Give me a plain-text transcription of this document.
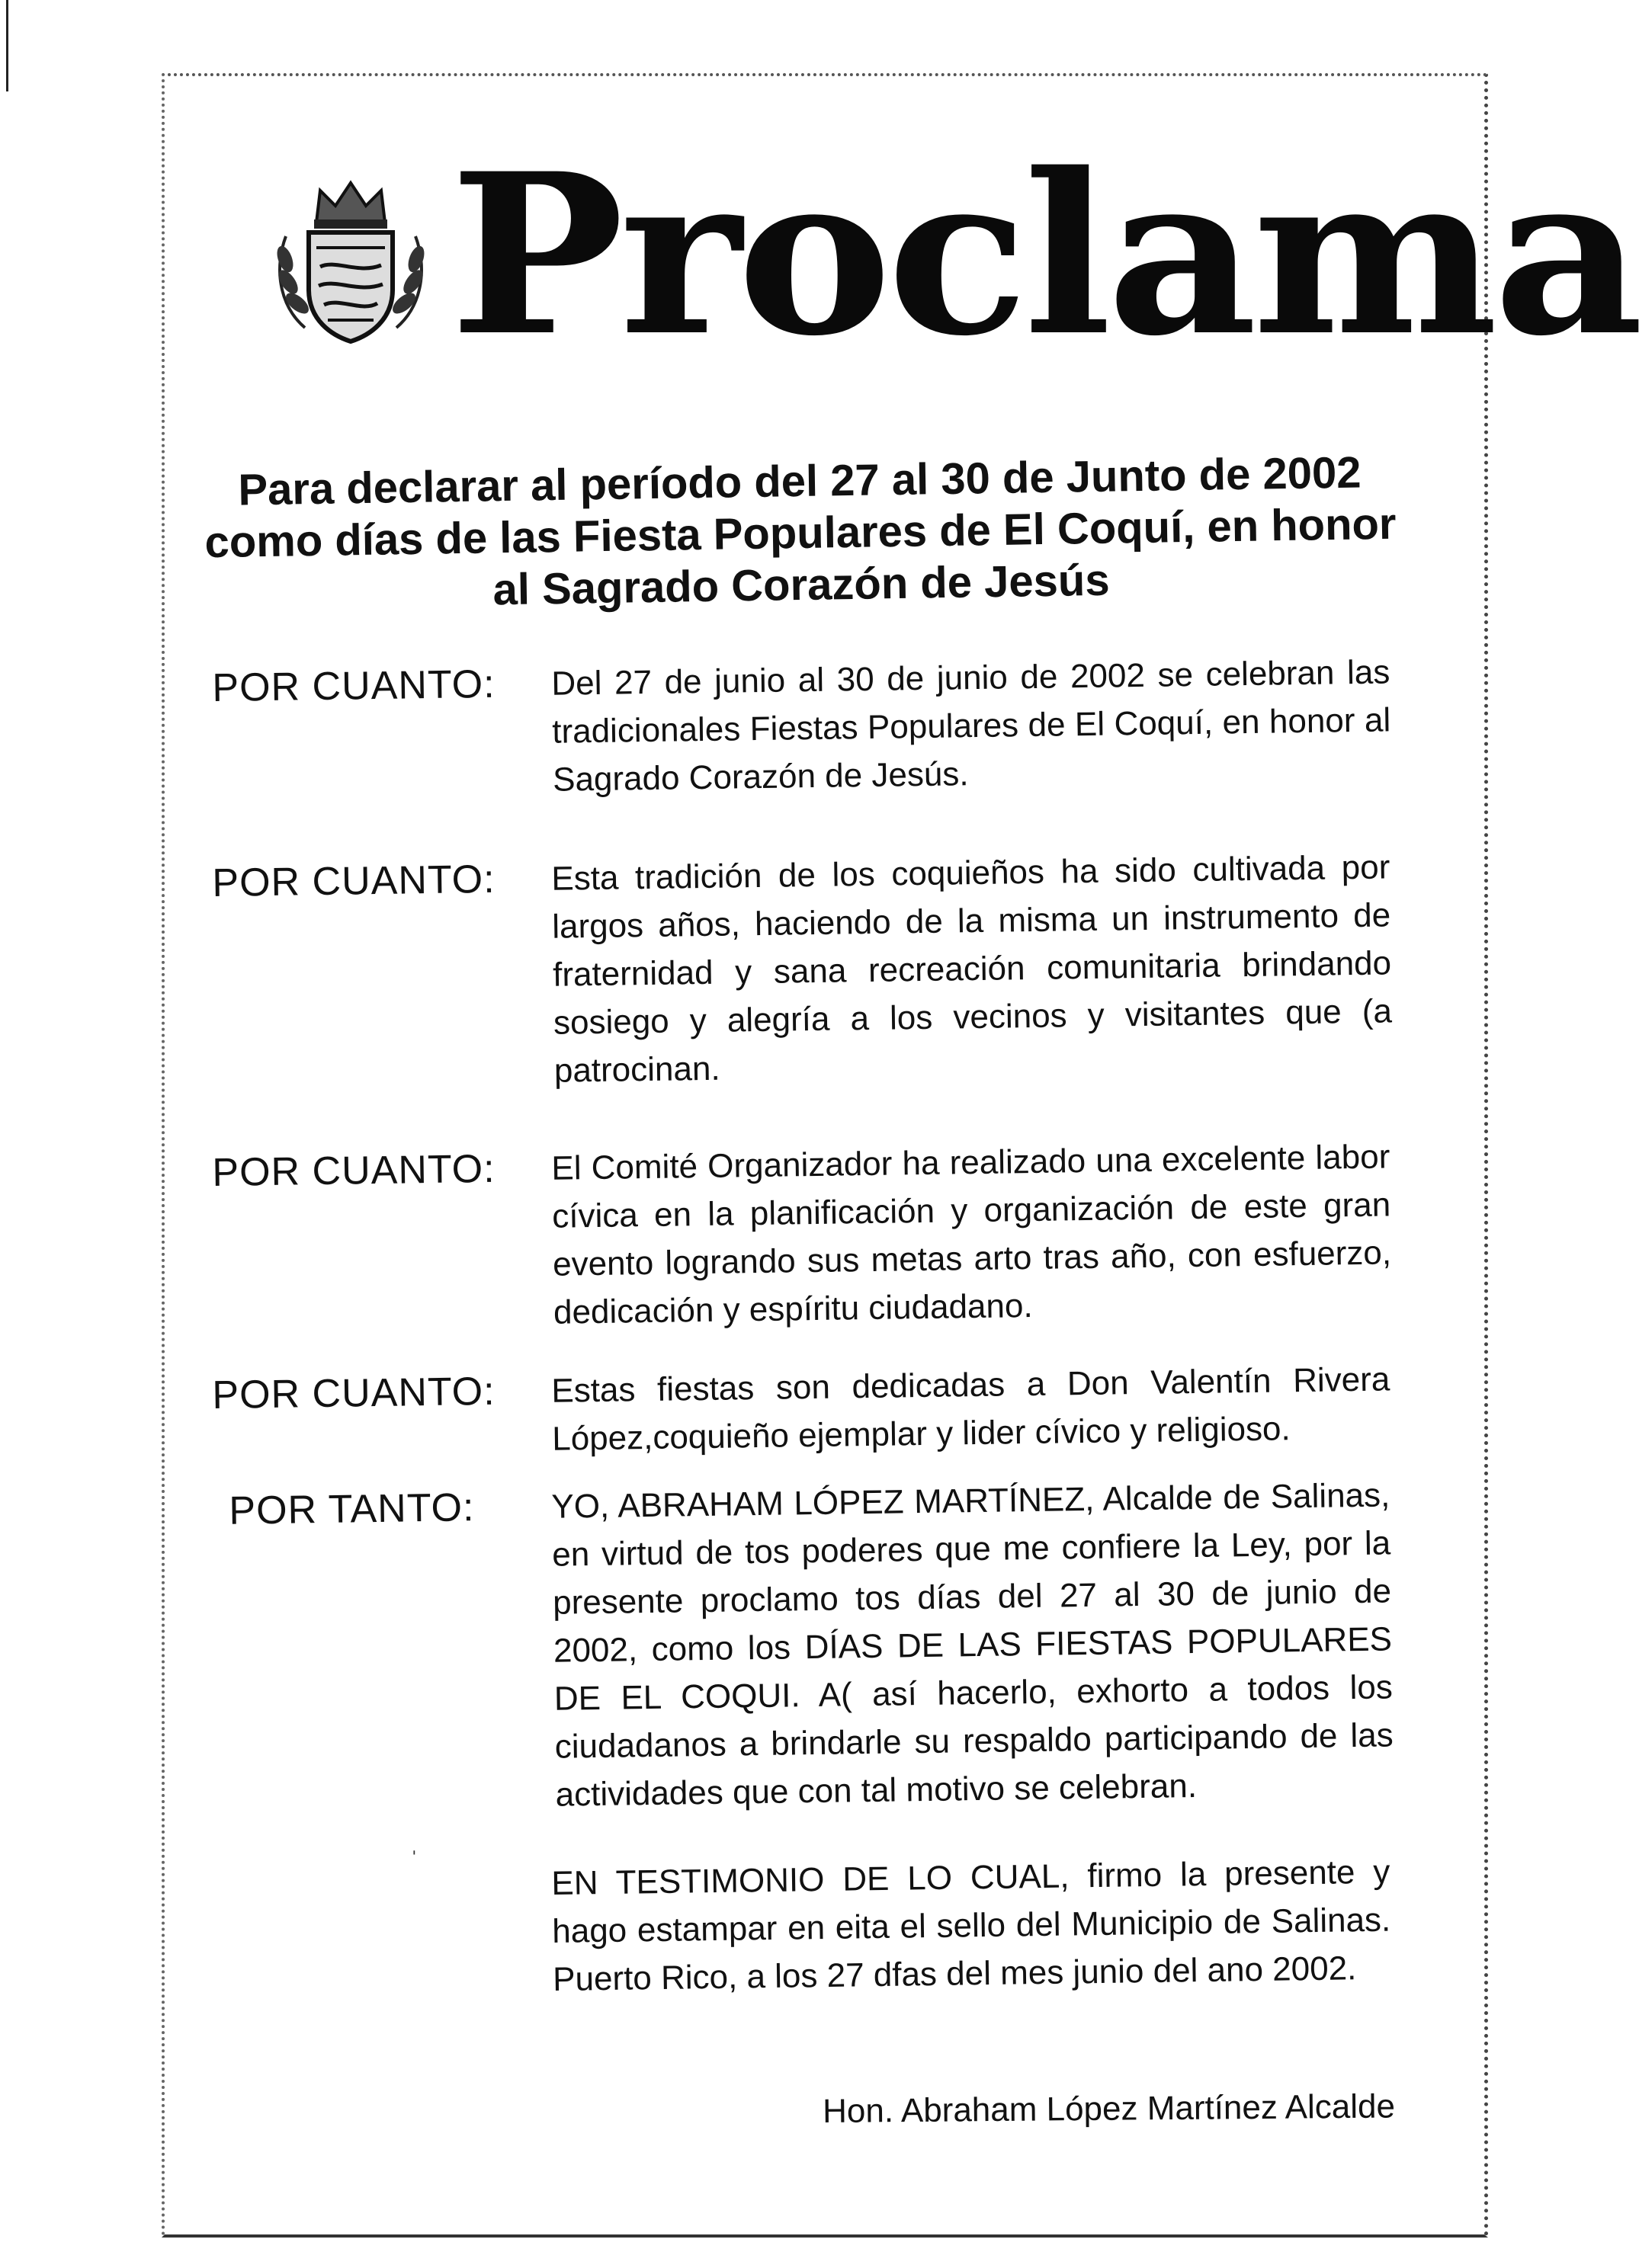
Proclama
Para declarar al período del 27 al 30 de Junto de 2002
como días de las Fiesta Populares de El Coquí, en honor
al Sagrado Corazón de Jesús
POR CUANTO:	Del 27 de junio al 30 de junio de 2002 se celebran las tradicionales Fiestas Populares de El Coquí, en honor al Sagrado Corazón de Jesús.
POR CUANTO:	Esta tradición de los coquieños ha sido cultivada por largos años, haciendo de la misma un instrumento de fraternidad y sana recreación comunitaria brindando sosiego y alegría a los vecinos y visitantes que (a patrocinan.
POR CUANTO:	El Comité Organizador ha realizado una excelente labor cívica en la planificación y organización de este gran evento logrando sus metas arto tras año, con esfuerzo, dedicación y espíritu ciudadano.
POR CUANTO:	Estas fiestas son dedicadas a Don Valentín Rivera López,coquieño ejemplar y lider cívico y religioso.
POR TANTO:	YO, ABRAHAM LÓPEZ MARTÍNEZ, Alcalde de Salinas, en virtud de tos poderes que me confiere la Ley, por la presente proclamo tos días del 27 al 30 de junio de 2002, como los DÍAS DE LAS FIESTAS POPULARES DE EL COQUI. A( así hacerlo, exhorto a todos los ciudadanos a brindarle su respaldo participando de las actividades que con tal motivo se celebran.
ˌ
EN TESTIMONIO DE LO CUAL, firmo la presente y hago estampar en eita el sello del Municipio de Salinas. Puerto Rico, a los 27 dfas del mes junio del ano 2002.
Hon. Abraham López Martínez Alcalde
